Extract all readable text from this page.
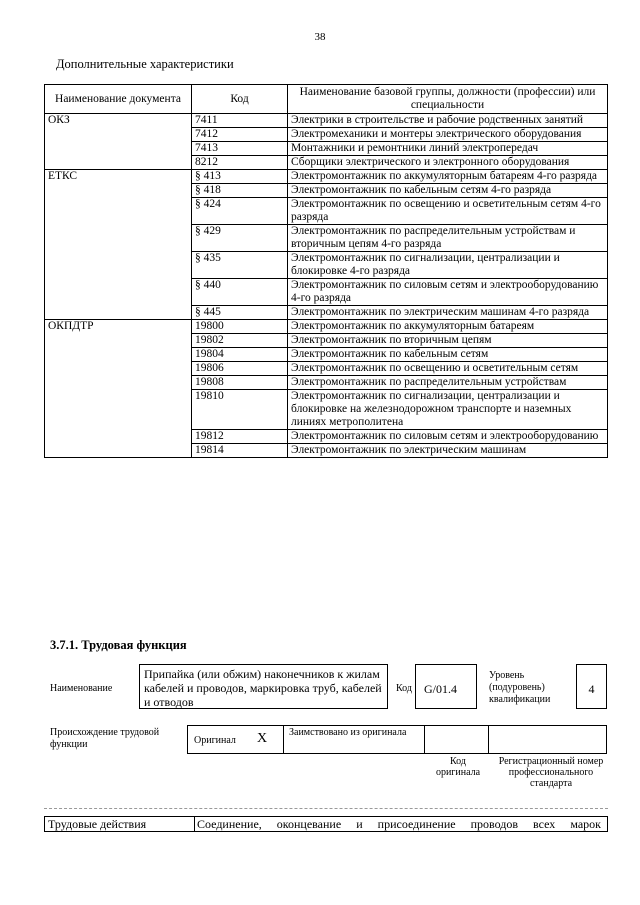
38
Дополнительные характеристики
Наименование документа	Код	Наименование базовой группы, должности (профессии) или специальности
ОКЗ	7411	Электрики в строительстве и рабочие родственных занятий
	7412	Электромеханики и монтеры электрического оборудования
	7413	Монтажники и ремонтники линий электропередач
	8212	Сборщики электрического и электронного оборудования
ЕТКС	§ 413	Электромонтажник по аккумуляторным батареям 4-го разряда
	§ 418	Электромонтажник по кабельным сетям 4-го разряда
	§ 424	Электромонтажник по освещению и осветительным сетям 4-го разряда
	§ 429	Электромонтажник по распределительным устройствам и вторичным цепям 4-го разряда
	§ 435	Электромонтажник по сигнализации, централизации и блокировке 4-го разряда
	§ 440	Электромонтажник по силовым сетям и электрооборудованию 4-го разряда
	§ 445	Электромонтажник по электрическим машинам 4-го разряда
ОКПДТР	19800	Электромонтажник по аккумуляторным батареям
	19802	Электромонтажник по вторичным цепям
	19804	Электромонтажник по кабельным сетям
	19806	Электромонтажник по освещению и осветительным сетям
	19808	Электромонтажник по распределительным устройствам
	19810	Электромонтажник по сигнализации, централизации и блокировке на железнодорожном транспорте и наземных линиях метрополитена
	19812	Электромонтажник по силовым сетям и электрооборудованию
	19814	Электромонтажник по электрическим машинам
3.7.1. Трудовая функция
Наименование
Припайка (или обжим) наконечников к жилам кабелей и проводов, маркировка труб, кабелей и отводов
Код	G/01.4
Уровень (подуровень) квалификации
4
Происхождение трудовой функции	Оригинал X Заимствовано из оригинала
Код оригинала
Регистрационный номер профессионального стандарта
Трудовые действия	Соединение, оконцевание и присоединение проводов всех марок
